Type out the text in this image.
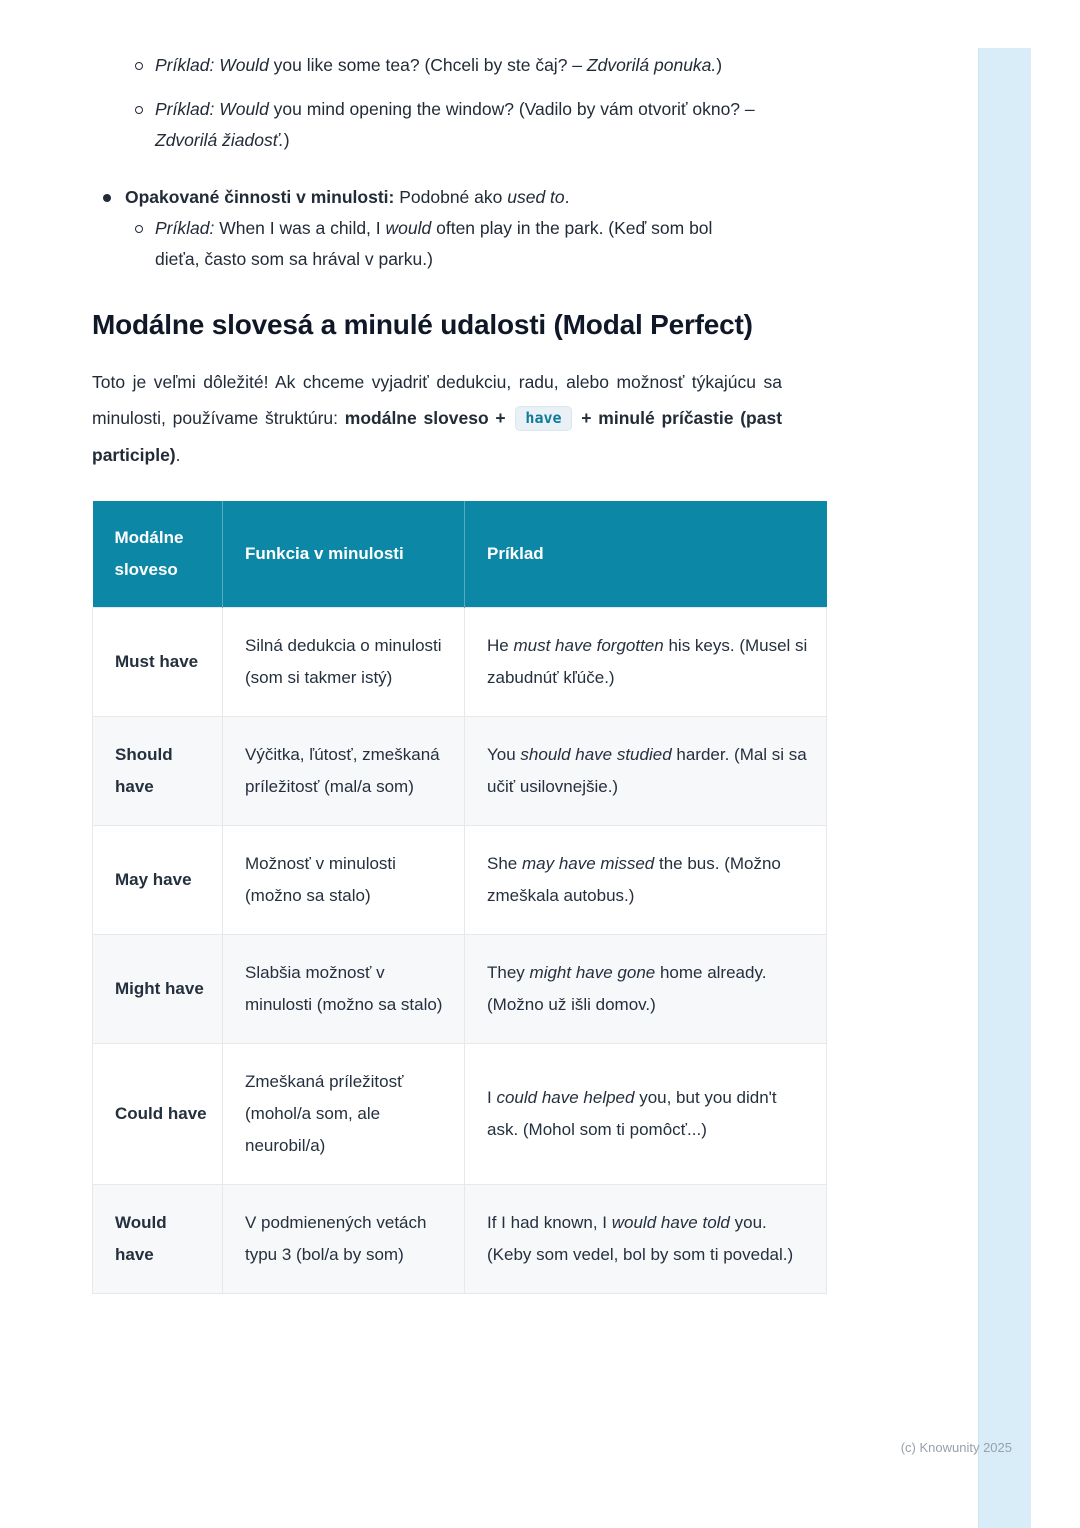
Príklad: Would you like some tea? (Chceli by ste čaj? – Zdvorilá ponuka.)
Príklad: Would you mind opening the window? (Vadilo by vám otvoriť okno? – Zdvorilá žiadosť.)
Opakované činnosti v minulosti: Podobné ako used to.
Príklad: When I was a child, I would often play in the park. (Keď som bol dieťa, často som sa hrával v parku.)
Modálne slovesá a minulé udalosti (Modal Perfect)

Toto je veľmi dôležité! Ak chceme vyjadriť dedukciu, radu, alebo možnosť týkajúcu sa minulosti, používame štruktúru: modálne sloveso + have + minulé príčastie (past participle).

Modálne sloveso	Funkcia v minulosti	Príklad
Must have	Silná dedukcia o minulosti (som si takmer istý)	He must have forgotten his keys. (Musel si zabudnúť kľúče.)
Should have	Výčitka, ľútosť, zmeškaná príležitosť (mal/a som)	You should have studied harder. (Mal si sa učiť usilovnejšie.)
May have	Možnosť v minulosti (možno sa stalo)	She may have missed the bus. (Možno zmeškala autobus.)
Might have	Slabšia možnosť v minulosti (možno sa stalo)	They might have gone home already. (Možno už išli domov.)
Could have	Zmeškaná príležitosť (mohol/a som, ale neurobil/a)	I could have helped you, but you didn't ask. (Mohol som ti pomôcť...)
Would have	V podmienených vetách typu 3 (bol/a by som)	If I had known, I would have told you. (Keby som vedel, bol by som ti povedal.)
(c) Knowunity 2025
